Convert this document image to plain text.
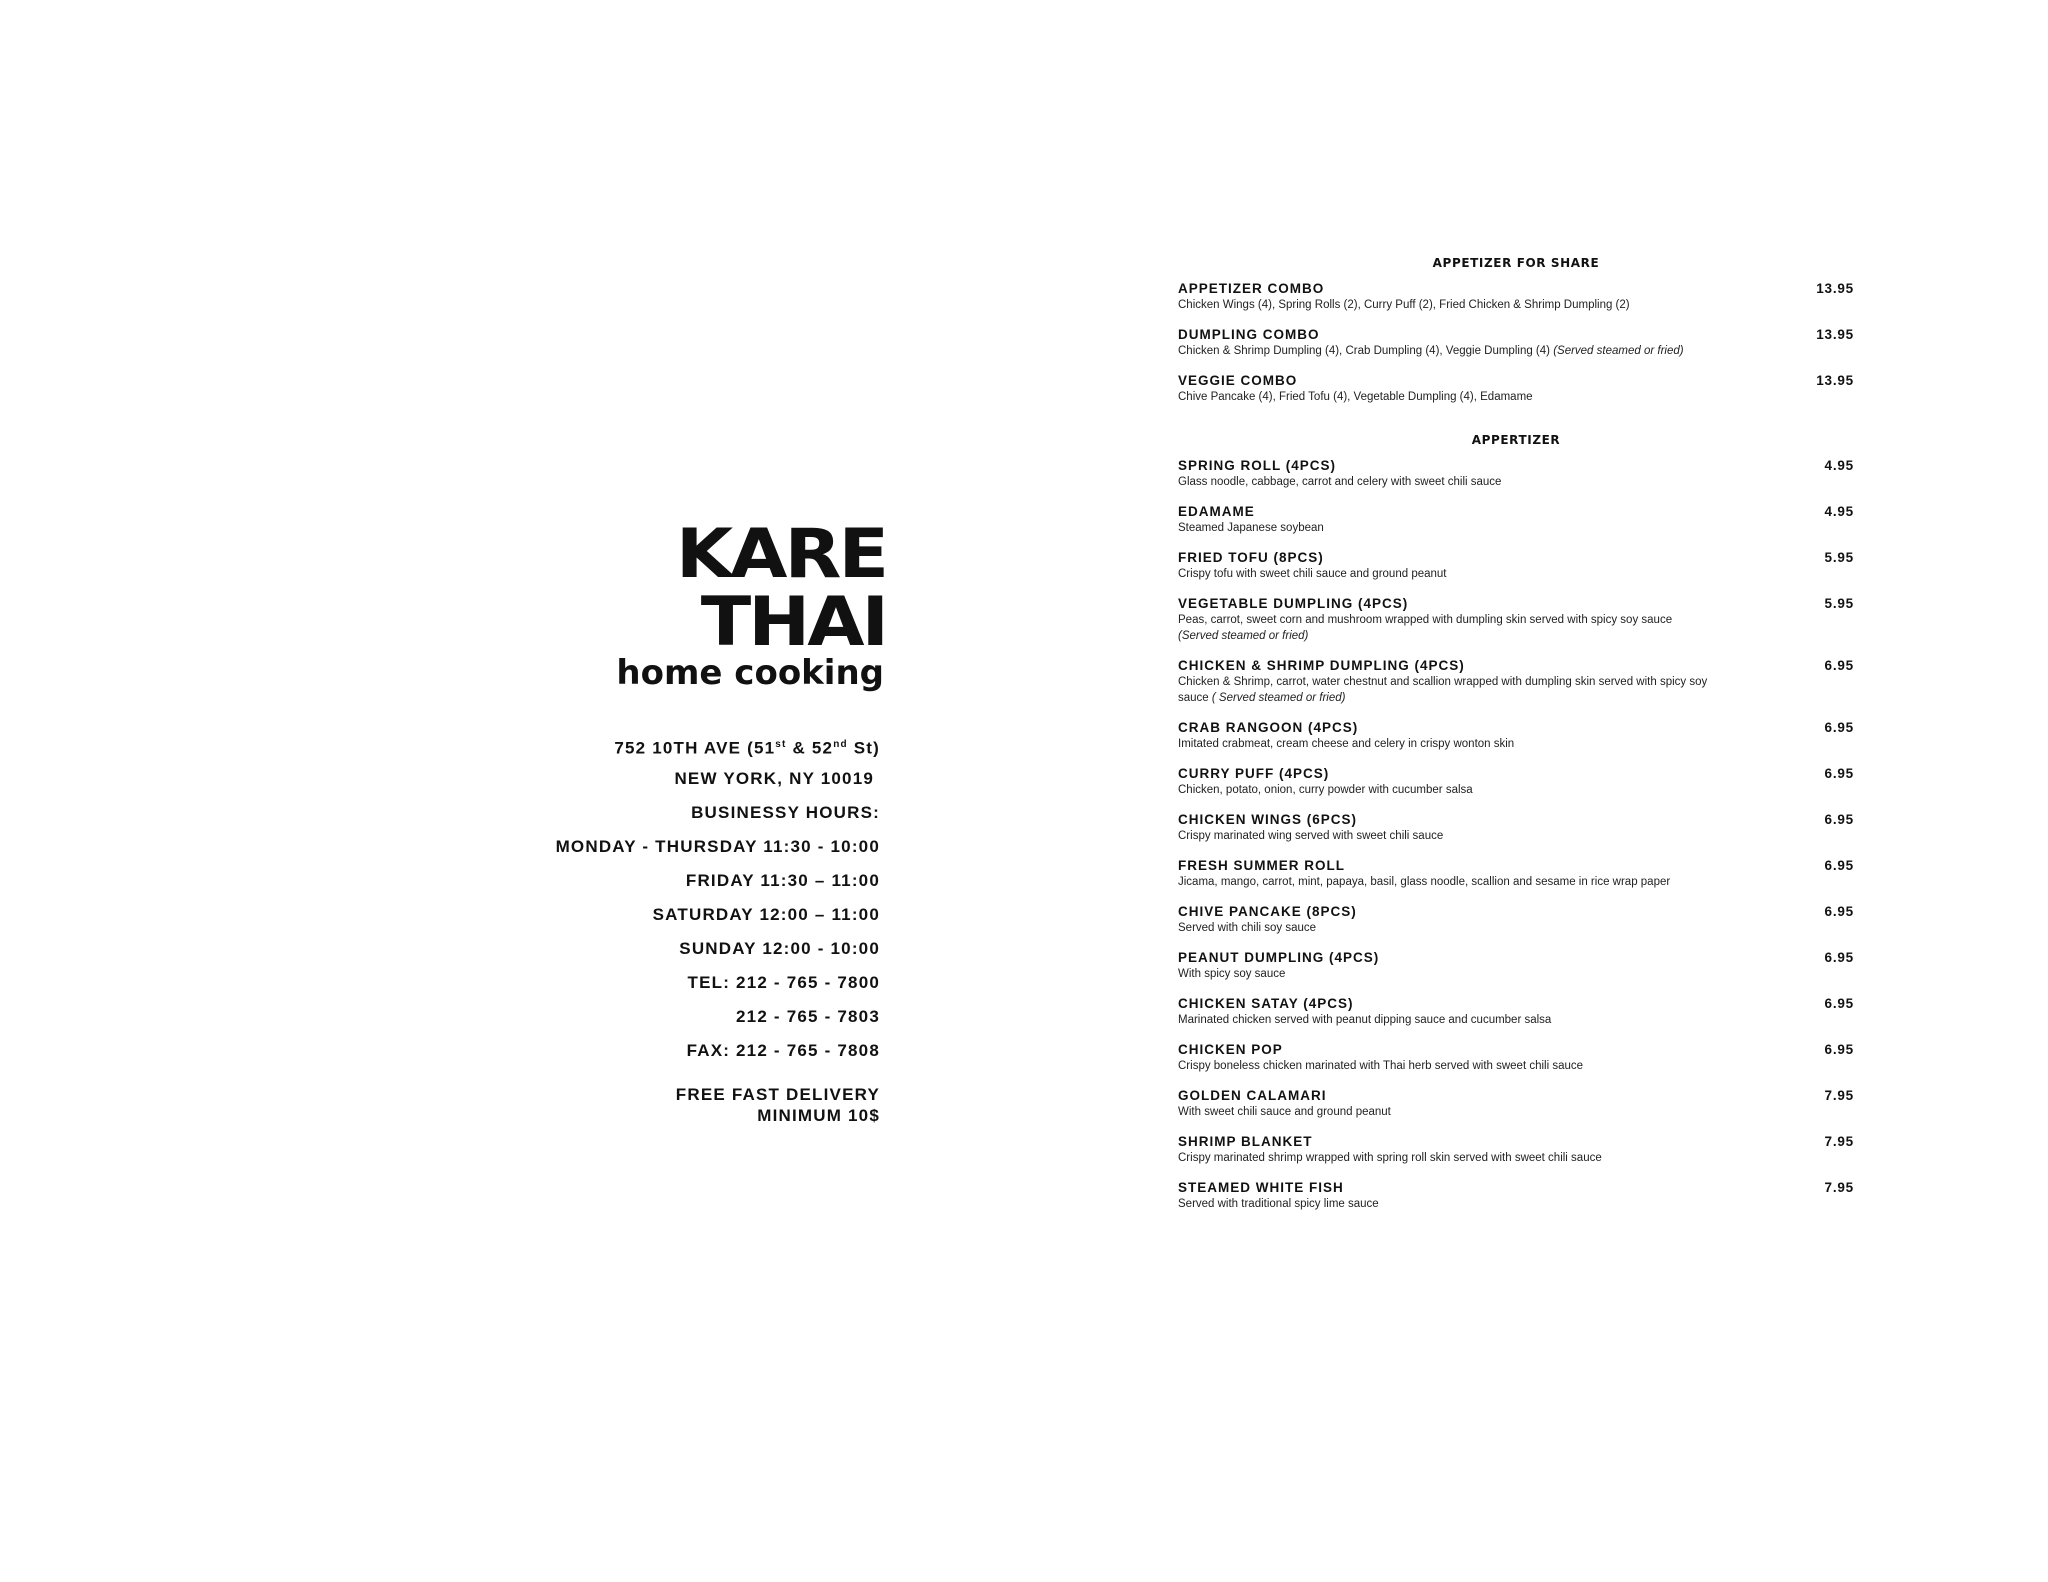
KARE THAI
home cooking
752 10TH AVE (51st & 52nd St)
NEW YORK, NY 10019
BUSINESSY HOURS:
MONDAY - THURSDAY 11:30 - 10:00
FRIDAY 11:30 – 11:00
SATURDAY 12:00 – 11:00
SUNDAY 12:00 - 10:00
TEL: 212 - 765 - 7800
212 - 765 - 7803
FAX: 212 - 765 - 7808
FREE FAST DELIVERY
MINIMUM 10$
APPETIZER FOR SHARE
APPETIZER COMBO	13.95
Chicken Wings (4), Spring Rolls (2), Curry Puff (2), Fried Chicken & Shrimp Dumpling (2)
DUMPLING COMBO	13.95
Chicken & Shrimp Dumpling (4), Crab Dumpling (4), Veggie Dumpling (4) (Served steamed or fried)
VEGGIE COMBO	13.95
Chive Pancake (4), Fried Tofu (4), Vegetable Dumpling (4), Edamame
APPERTIZER
SPRING ROLL (4PCS)	4.95
Glass noodle, cabbage, carrot and celery with sweet chili sauce
EDAMAME	4.95
Steamed Japanese soybean
FRIED TOFU (8PCS)	5.95
Crispy tofu with sweet chili sauce and ground peanut
VEGETABLE DUMPLING (4PCS)	5.95
Peas, carrot, sweet corn and mushroom wrapped with dumpling skin served with spicy soy sauce
(Served steamed or fried)
CHICKEN & SHRIMP DUMPLING (4PCS)	6.95
Chicken & Shrimp, carrot, water chestnut and scallion wrapped with dumpling skin served with spicy soy sauce ( Served steamed or fried)
CRAB RANGOON (4PCS)	6.95
Imitated crabmeat, cream cheese and celery in crispy wonton skin
CURRY PUFF (4PCS)	6.95
Chicken, potato, onion, curry powder with cucumber salsa
CHICKEN WINGS (6PCS)	6.95
Crispy marinated wing served with sweet chili sauce
FRESH SUMMER ROLL	6.95
Jicama, mango, carrot, mint, papaya, basil, glass noodle, scallion and sesame in rice wrap paper
CHIVE PANCAKE (8PCS)	6.95
Served with chili soy sauce
PEANUT DUMPLING (4PCS)	6.95
With spicy soy sauce
CHICKEN SATAY (4PCS)	6.95
Marinated chicken served with peanut dipping sauce and cucumber salsa
CHICKEN POP	6.95
Crispy boneless chicken marinated with Thai herb served with sweet chili sauce
GOLDEN CALAMARI	7.95
With sweet chili sauce and ground peanut
SHRIMP BLANKET	7.95
Crispy marinated shrimp wrapped with spring roll skin served with sweet chili sauce
STEAMED WHITE FISH	7.95
Served with traditional spicy lime sauce
